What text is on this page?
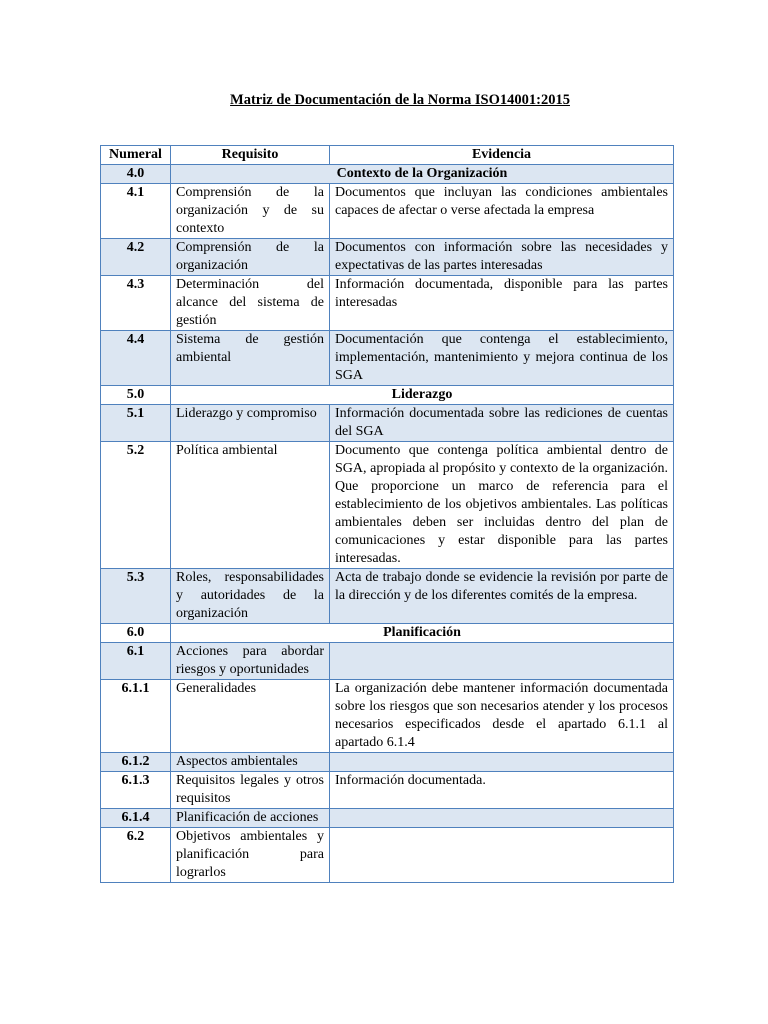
Matriz de Documentación de la Norma ISO14001:2015
Numeral	Requisito	Evidencia
4.0	Contexto de la Organización	
4.1	Comprensión de la organización y de su contexto	Documentos que incluyan las condiciones ambientales capaces de afectar o verse afectada la empresa
4.2	Comprensión de la organización	Documentos con información sobre las necesidades y expectativas de las partes interesadas
4.3	Determinación del alcance del sistema de gestión	Información documentada, disponible para las partes interesadas
4.4	Sistema de gestión ambiental	Documentación que contenga el establecimiento, implementación, mantenimiento y mejora continua de los SGA
5.0	Liderazgo	
5.1	Liderazgo y compromiso	Información documentada sobre las rediciones de cuentas del SGA
5.2	Política ambiental	Documento que contenga política ambiental dentro de SGA, apropiada al propósito y contexto de la organización. Que proporcione un marco de referencia para el establecimiento de los objetivos ambientales. Las políticas ambientales deben ser incluidas dentro del plan de comunicaciones y estar disponible para las partes interesadas.
5.3	Roles, responsabilidades y autoridades de la organización	Acta de trabajo donde se evidencie la revisión por parte de la dirección y de los diferentes comités de la empresa.
6.0	Planificación	
6.1	Acciones para abordar riesgos y oportunidades	
6.1.1	Generalidades	La organización debe mantener información documentada sobre los riesgos que son necesarios atender y los procesos necesarios especificados desde el apartado 6.1.1 al apartado 6.1.4
6.1.2	Aspectos ambientales	
6.1.3	Requisitos legales y otros requisitos	Información documentada.
6.1.4	Planificación de acciones	
6.2	Objetivos ambientales y planificación para lograrlos	
